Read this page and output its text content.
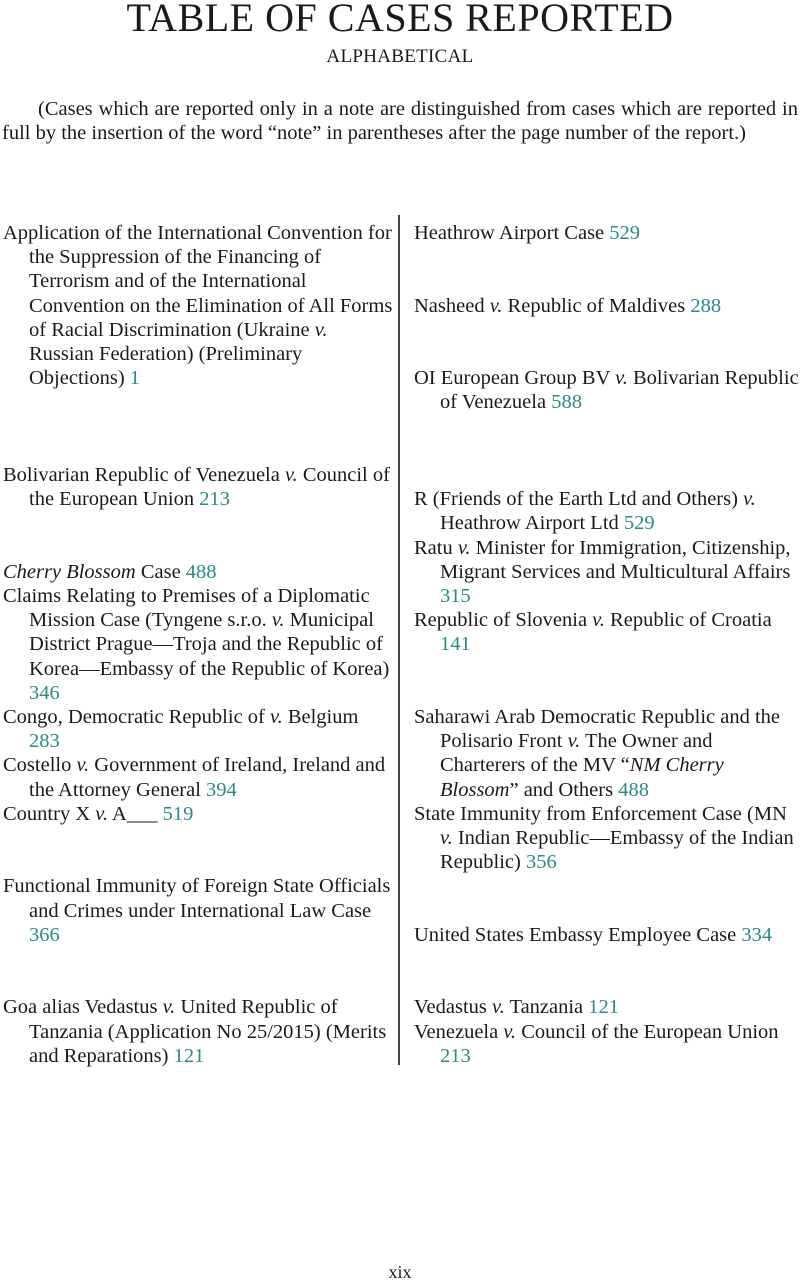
TABLE OF CASES REPORTED
ALPHABETICAL

(Cases which are reported only in a note are distinguished from cases which are reported in full by the insertion of the word “note” in parentheses after the page number of the report.)

Application of the International Convention for the Suppression of the Financing of Terrorism and of the International Convention on the Elimination of All Forms of Racial Discrimination (Ukraine v. Russian Federation) (Preliminary Objections) 1

Bolivarian Republic of Venezuela v. Council of the European Union 213

Cherry Blossom Case 488

Claims Relating to Premises of a Diplomatic Mission Case (Tyngene s.r.o. v. Municipal District Prague—Troja and the Republic of Korea—Embassy of the Republic of Korea) 346

Congo, Democratic Republic of v. Belgium 283

Costello v. Government of Ireland, Ireland and the Attorney General 394

Country X v. A___ 519

Functional Immunity of Foreign State Officials and Crimes under International Law Case 366

Goa alias Vedastus v. United Republic of Tanzania (Application No 25/2015) (Merits and Reparations) 121

Heathrow Airport Case 529

Nasheed v. Republic of Maldives 288

OI European Group BV v. Bolivarian Republic of Venezuela 588

R (Friends of the Earth Ltd and Others) v. Heathrow Airport Ltd 529

Ratu v. Minister for Immigration, Citizenship, Migrant Services and Multicultural Affairs 315

Republic of Slovenia v. Republic of Croatia 141

Saharawi Arab Democratic Republic and the Polisario Front v. The Owner and Charterers of the MV “NM Cherry Blossom” and Others 488

State Immunity from Enforcement Case (MN v. Indian Republic—Embassy of the Indian Republic) 356

United States Embassy Employee Case 334

Vedastus v. Tanzania 121

Venezuela v. Council of the European Union 213

xix
